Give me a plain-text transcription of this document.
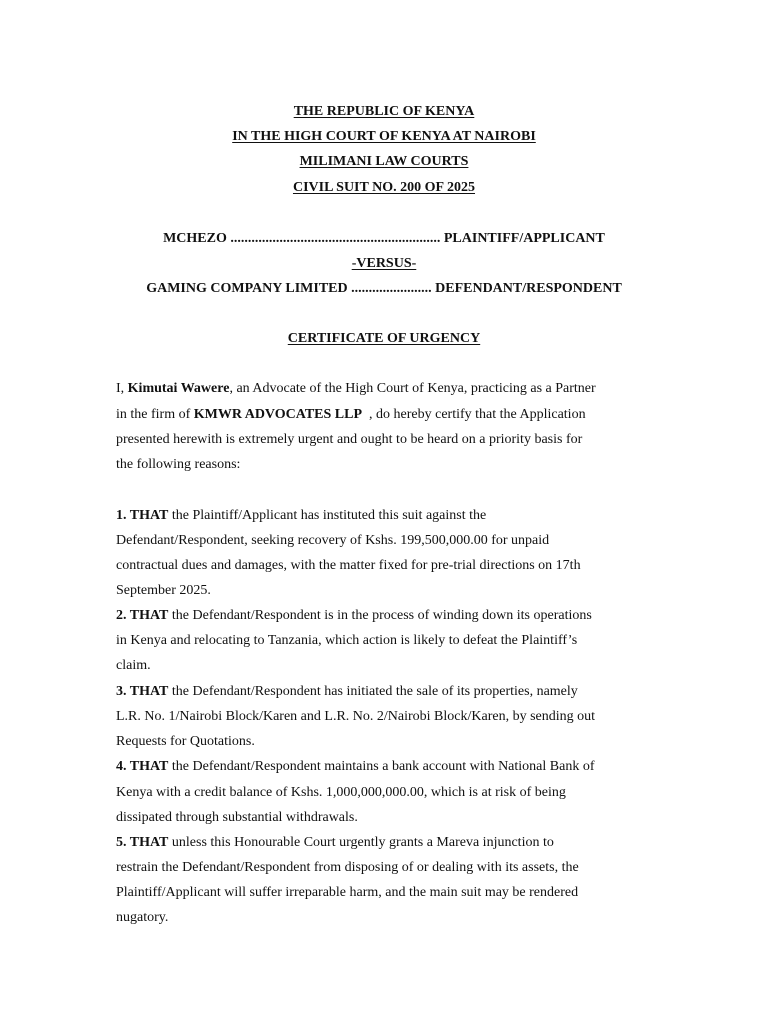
THE REPUBLIC OF KENYA
IN THE HIGH COURT OF KENYA AT NAIROBI
MILIMANI LAW COURTS
CIVIL SUIT NO. 200 OF 2025
MCHEZO ............................................................ PLAINTIFF/APPLICANT
-VERSUS-
GAMING COMPANY LIMITED ....................... DEFENDANT/RESPONDENT
CERTIFICATE OF URGENCY
I, Kimutai Wawere, an Advocate of the High Court of Kenya, practicing as a Partner
in the firm of KMWR ADVOCATES LLP  , do hereby certify that the Application
presented herewith is extremely urgent and ought to be heard on a priority basis for
the following reasons:
1. THAT the Plaintiff/Applicant has instituted this suit against the
Defendant/Respondent, seeking recovery of Kshs. 199,500,000.00 for unpaid
contractual dues and damages, with the matter fixed for pre-trial directions on 17th
September 2025.
2. THAT the Defendant/Respondent is in the process of winding down its operations
in Kenya and relocating to Tanzania, which action is likely to defeat the Plaintiff’s
claim.
3. THAT the Defendant/Respondent has initiated the sale of its properties, namely
L.R. No. 1/Nairobi Block/Karen and L.R. No. 2/Nairobi Block/Karen, by sending out
Requests for Quotations.
4. THAT the Defendant/Respondent maintains a bank account with National Bank of
Kenya with a credit balance of Kshs. 1,000,000,000.00, which is at risk of being
dissipated through substantial withdrawals.
5. THAT unless this Honourable Court urgently grants a Mareva injunction to
restrain the Defendant/Respondent from disposing of or dealing with its assets, the
Plaintiff/Applicant will suffer irreparable harm, and the main suit may be rendered
nugatory.
